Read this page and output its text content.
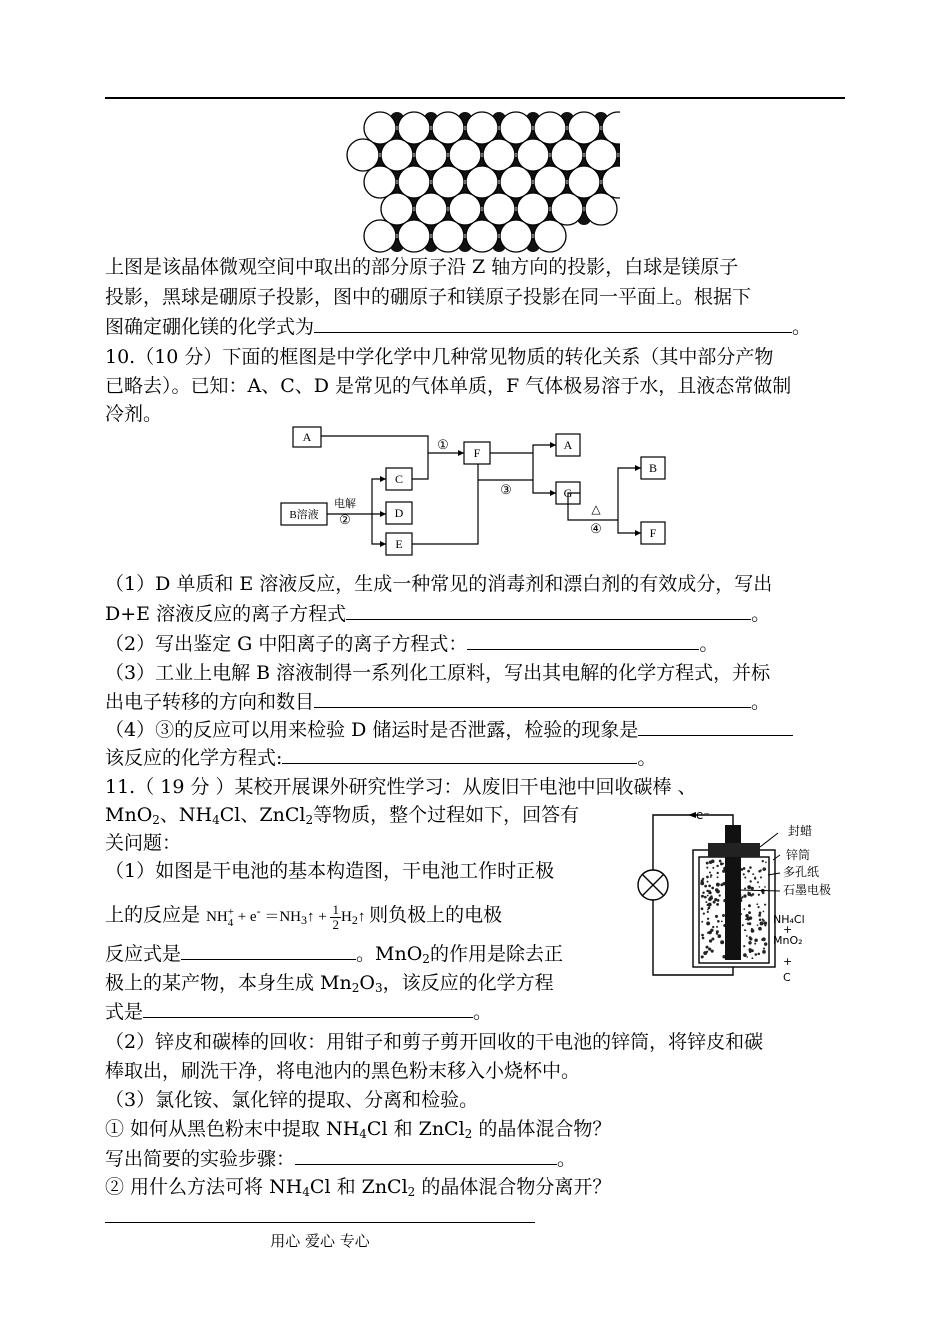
上图是该晶体微观空间中取出的部分原子沿 Z 轴方向的投影，白球是镁原子
投影，黑球是硼原子投影，图中的硼原子和镁原子投影在同一平面上。根据下
图确定硼化镁的化学式为	。
10.（10 分）下面的框图是中学化学中几种常见物质的转化关系（其中部分产物
已略去）。已知：A、C、D 是常见的气体单质，F 气体极易溶于水，且液态常做制
冷剂。
A
B溶液
C
D
E
F
A
G
B
F
电解
②
①
③
△
④
（1）D 单质和 E 溶液反应，生成一种常见的消毒剂和漂白剂的有效成分，写出
D+E 溶液反应的离子方程式	。
（2）写出鉴定 G 中阳离子的离子方程式：	。
（3）工业上电解 B 溶液制得一系列化工原料，写出其电解的化学方程式，并标
出电子转移的方向和数目	。
（4）③的反应可以用来检验 D 储运时是否泄露，检验的现象是
该反应的化学方程式:	。
11.（ 19 分 ）某校开展课外研究性学习：从废旧干电池中回收碳棒 、
MnO$_2$、$NH_4Cl$、ZnCl$_2$等物质，整个过程如下，回答有
关问题：
（1）如图是干电池的基本构造图，干电池工作时正极
上的反应是 NH +
$4 + e^- =NH_3↑ + \frac{1}{2}$ $H_2↑$ 则负极上的电极
反应式是	。MnO$_2$的作用是除去正
极上的某产物，本身生成 $Mn_2O_3$，该反应的化学方程
式是	。
e⁻
封蜡
锌筒
多孔纸
石墨电极
NH₄Cl
+
MnO₂
+
C
（2）锌皮和碳棒的回收：用钳子和剪子剪开回收的干电池的锌筒，将锌皮和碳
棒取出，刷洗干净，将电池内的黑色粉末移入小烧杯中。
（3）氯化铵、氯化锌的提取、分离和检验。
① 如何从黑色粉末中提取 $NH_4Cl$ 和 ZnCl$_2$ 的晶体混合物？
写出简要的实验步骤：	。
② 用什么方法可将 $NH_4Cl$ 和 ZnCl$_2$ 的晶体混合物分离开？
用心 爱心 专心
